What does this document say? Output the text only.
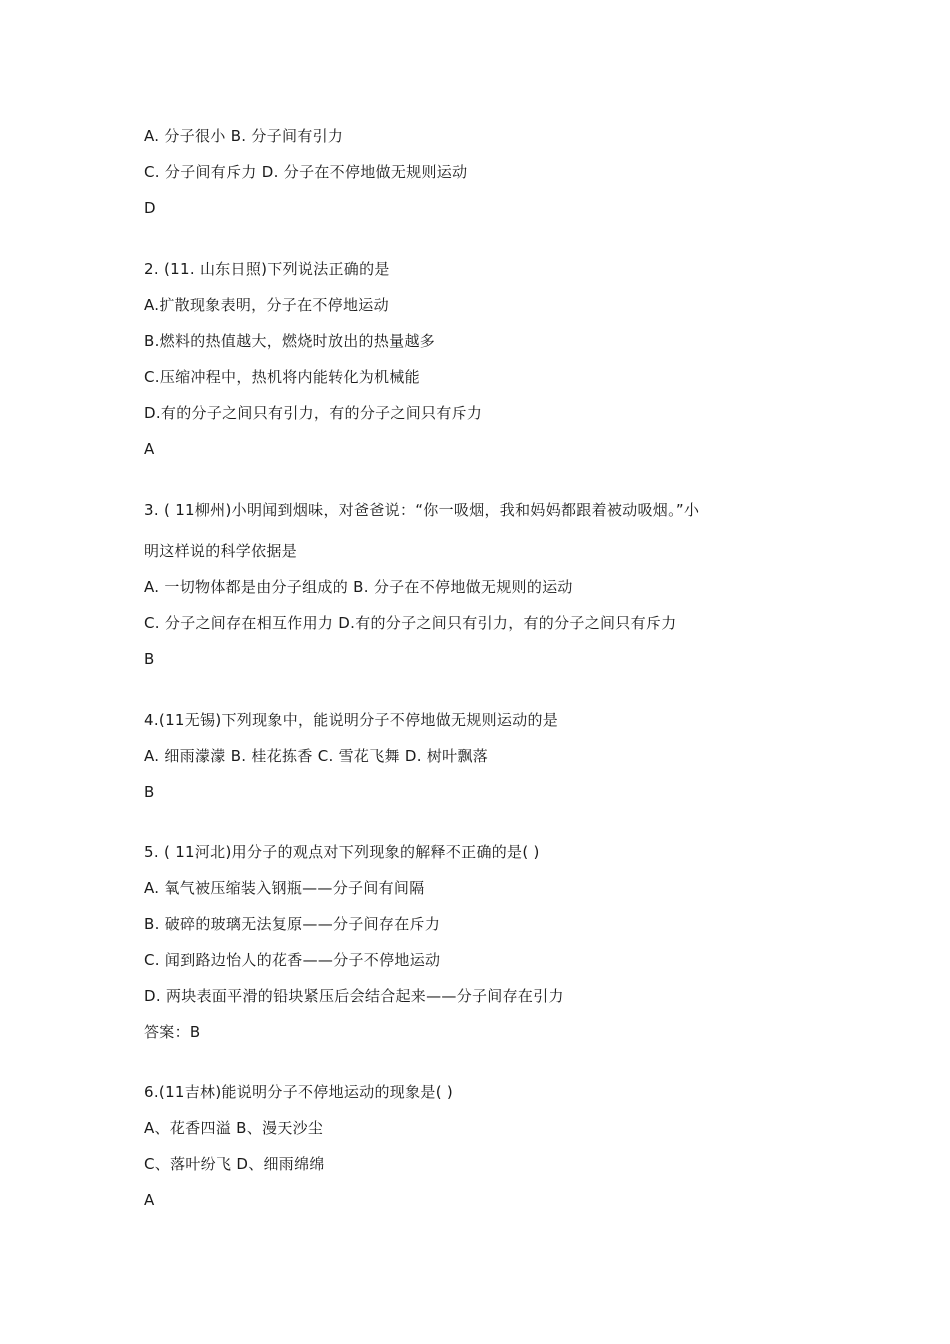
A. 分子很小 B. 分子间有引力
C. 分子间有斥力 D. 分子在不停地做无规则运动
D
2. (11. 山东日照)下列说法正确的是
A.扩散现象表明，分子在不停地运动
B.燃料的热值越大，燃烧时放出的热量越多
C.压缩冲程中，热机将内能转化为机械能
D.有的分子之间只有引力，有的分子之间只有斥力
A
3. ( 11柳州)小明闻到烟味，对爸爸说：“你一吸烟，我和妈妈都跟着被动吸烟。”小
明这样说的科学依据是
A. 一切物体都是由分子组成的 B. 分子在不停地做无规则的运动
C. 分子之间存在相互作用力 D.有的分子之间只有引力，有的分子之间只有斥力
B
4.(11无锡)下列现象中，能说明分子不停地做无规则运动的是
A. 细雨濛濛 B. 桂花拣香 C. 雪花飞舞 D. 树叶飘落
B
5. ( 11河北)用分子的观点对下列现象的解释不正确的是( )
A. 氧气被压缩装入钢瓶——分子间有间隔
B. 破碎的玻璃无法复原——分子间存在斥力
C. 闻到路边怡人的花香——分子不停地运动
D. 两块表面平滑的铅块紧压后会结合起来——分子间存在引力
答案：B
6.(11吉林)能说明分子不停地运动的现象是( )
A、花香四溢 B、漫天沙尘
C、落叶纷飞 D、细雨绵绵
A
